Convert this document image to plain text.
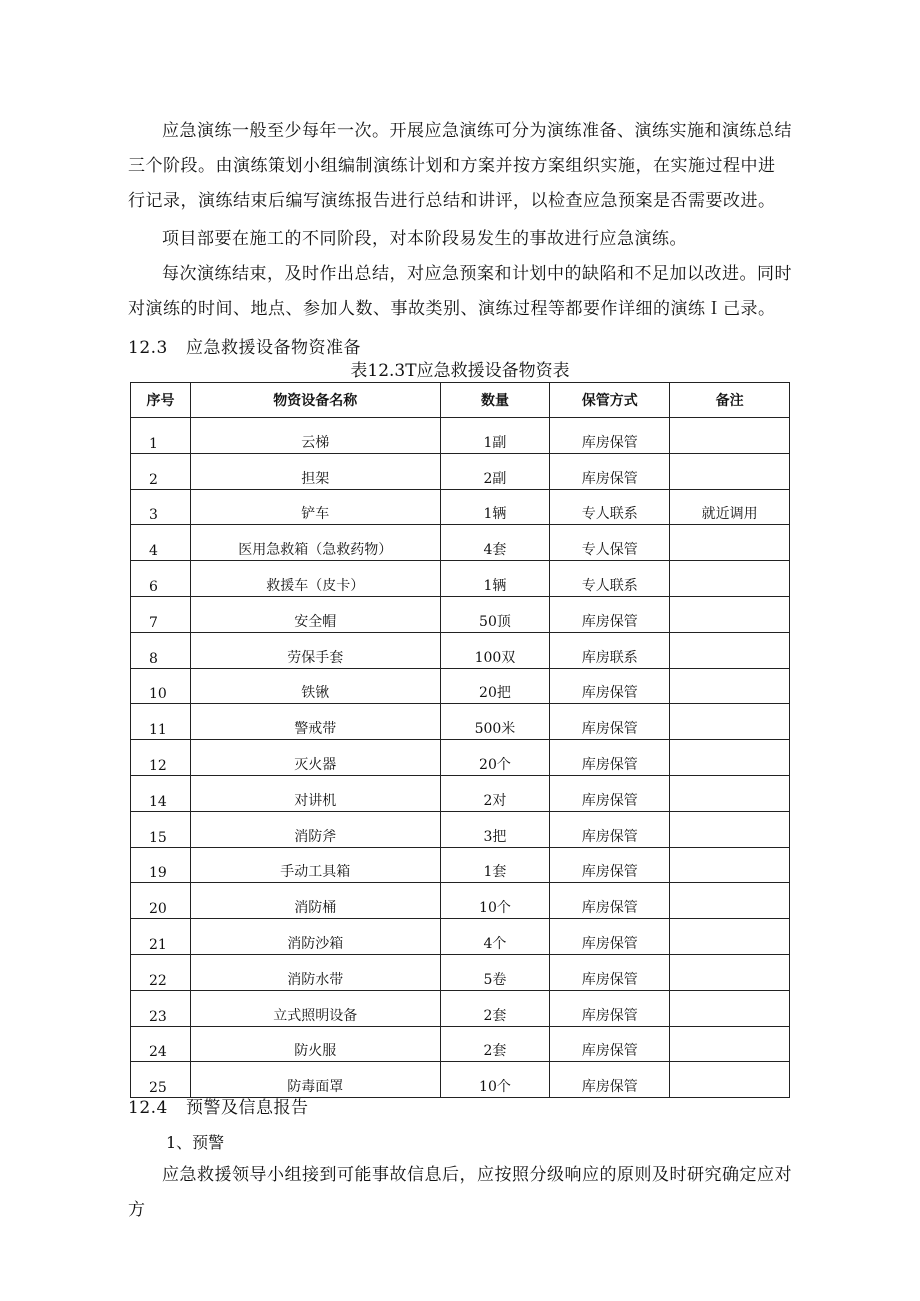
应急演练一般至少每年一次。开展应急演练可分为演练准备、演练实施和演练总结三个阶段。由演练策划小组编制演练计划和方案并按方案组织实施，在实施过程中进行记录，演练结束后编写演练报告进行总结和讲评，以检查应急预案是否需要改进。

项目部要在施工的不同阶段，对本阶段易发生的事故进行应急演练。

每次演练结束，及时作出总结，对应急预案和计划中的缺陷和不足加以改进。同时对演练的时间、地点、参加人数、事故类别、演练过程等都要作详细的演练Ｉ己录。

12.3 应急救援设备物资准备

表12.3T应急救援设备物资表

序号	物资设备名称	数量	保管方式	备注
1	云梯	1副	库房保管	
2	担架	2副	库房保管	
3	铲车	1辆	专人联系	就近调用
4	医用急救箱（急救药物）	4套	专人保管	
6	救援车（皮卡）	1辆	专人联系	
7	安全帽	50顶	库房保管	
8	劳保手套	100双	库房联系	
10	铁锹	20把	库房保管	
11	警戒带	500米	库房保管	
12	灭火器	20个	库房保管	
14	对讲机	2对	库房保管	
15	消防斧	3把	库房保管	
19	手动工具箱	1套	库房保管	
20	消防桶	10个	库房保管	
21	消防沙箱	4个	库房保管	
22	消防水带	5卷	库房保管	
23	立式照明设备	2套	库房保管	
24	防火服	2套	库房保管	
25	防毒面罩	10个	库房保管	

12.4 预警及信息报告

1、预警

应急救援领导小组接到可能事故信息后，应按照分级响应的原则及时研究确定应对方
